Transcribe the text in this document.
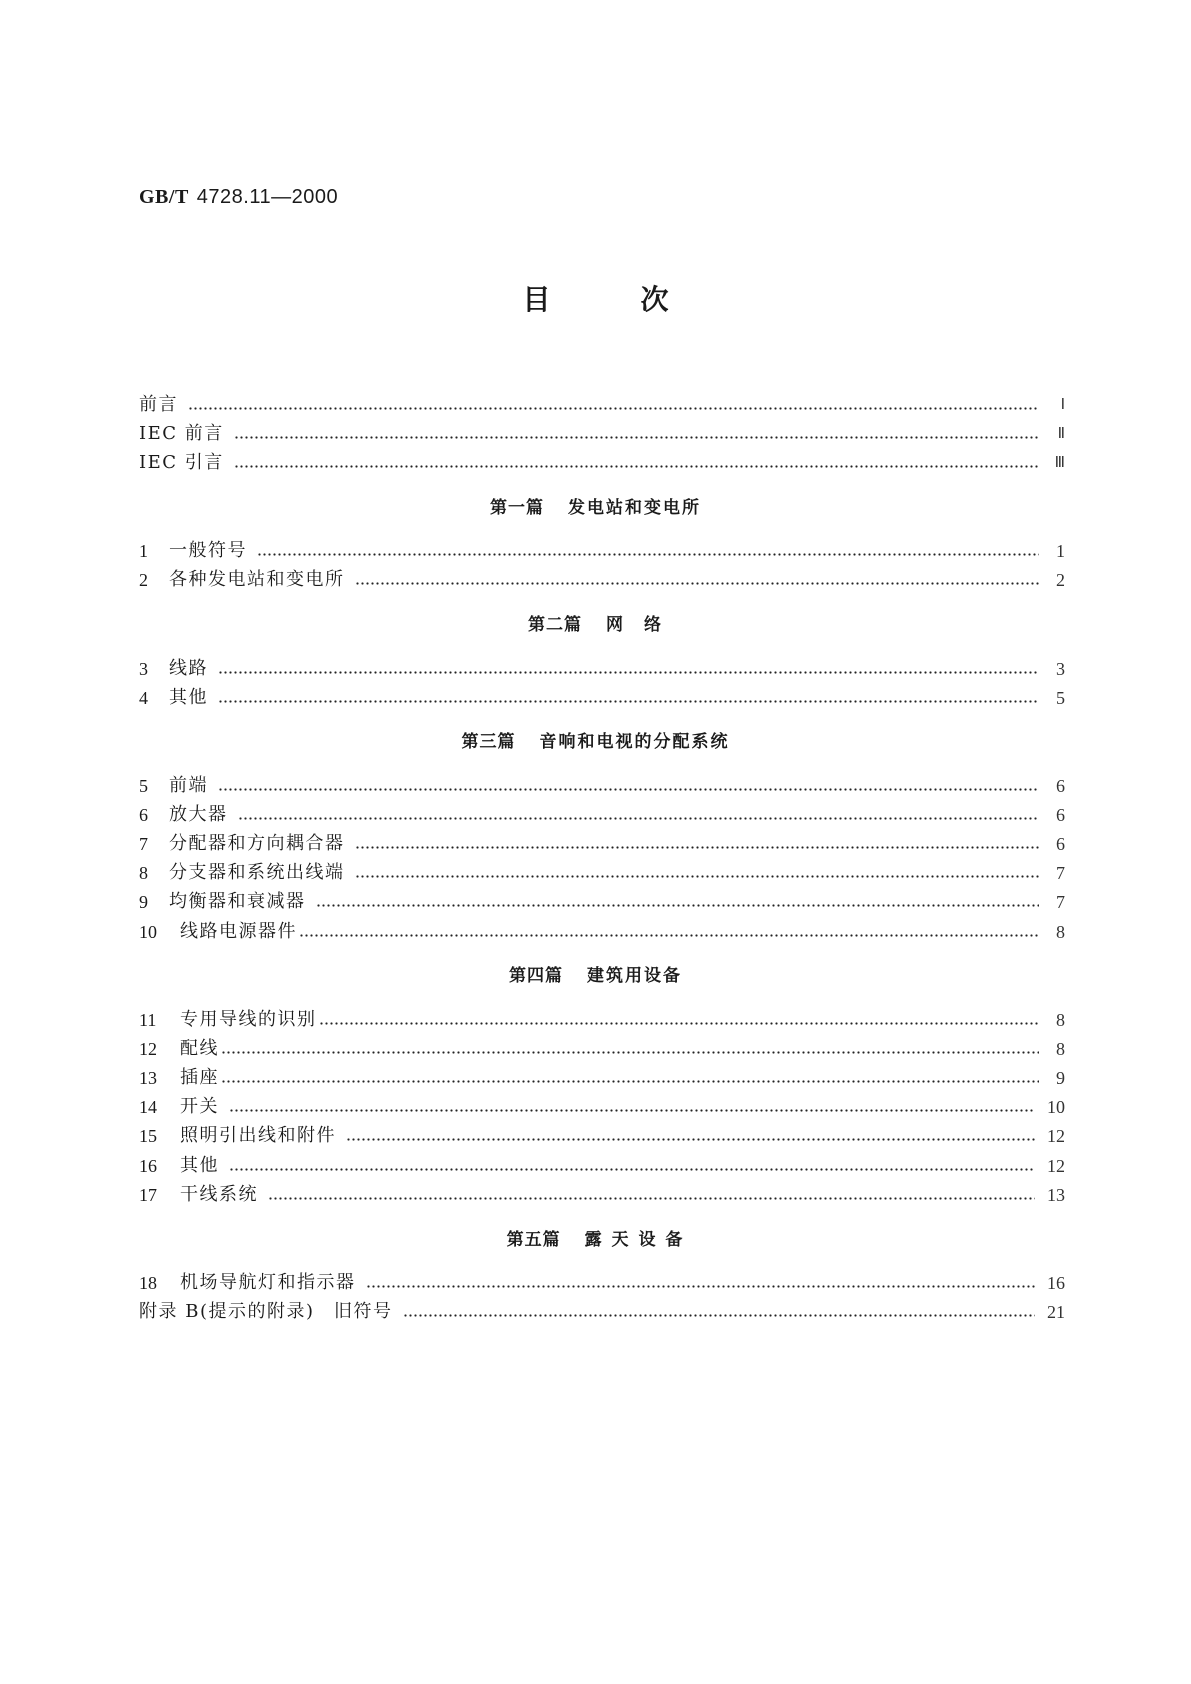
GB/T 4728.11—2000
目	次
前言	Ⅰ
IEC 前言	Ⅱ
IEC 引言	Ⅲ
第一篇 发电站和变电所
1	一般符号	1
2	各种发电站和变电所	2
第二篇 网　络
3	线路	3
4	其他	5
第三篇 音响和电视的分配系统
5	前端	6
6	放大器	6
7	分配器和方向耦合器	6
8	分支器和系统出线端	7
9	均衡器和衰减器	7
10	线路电源器件	8
第四篇 建筑用设备
11	专用导线的识别	8
12	配线	8
13	插座	9
14	开关	10
15	照明引出线和附件	12
16	其他	12
17	干线系统	13
第五篇 露 天 设 备
18	机场导航灯和指示器	16
附录 B(提示的附录)　旧符号	21
